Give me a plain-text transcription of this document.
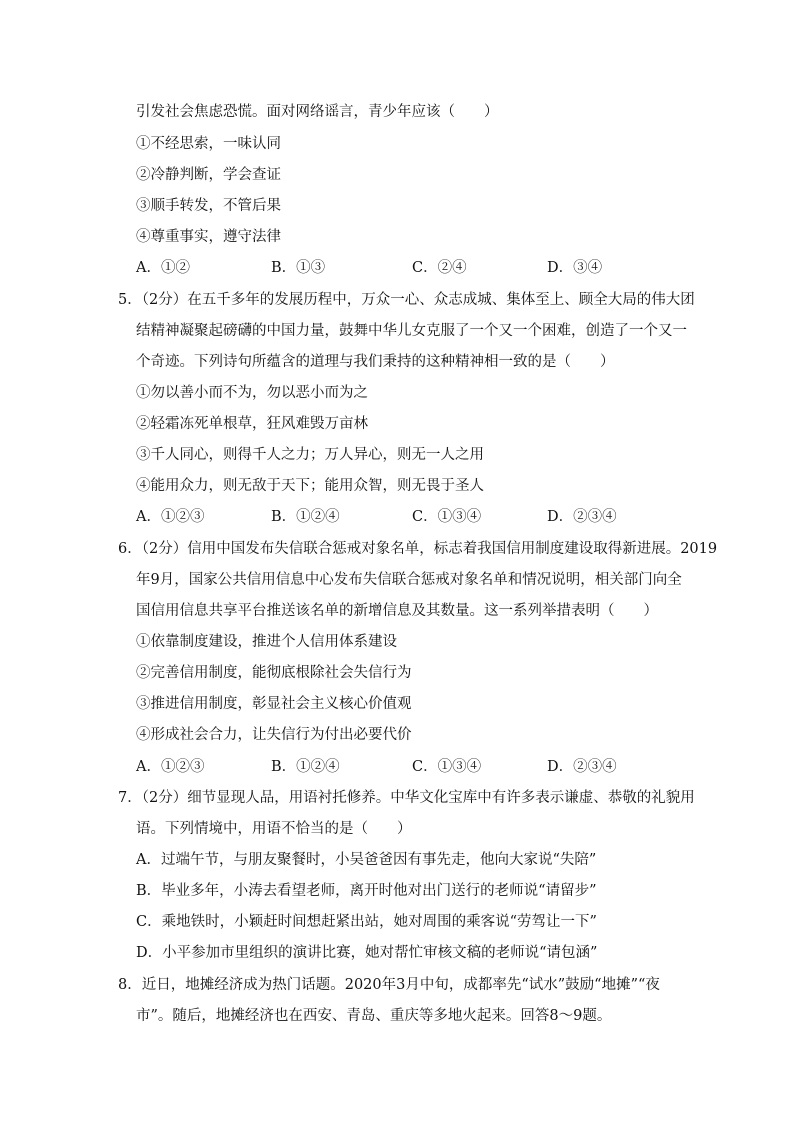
引发社会焦虑恐慌。面对网络谣言，青少年应该（　　）
①不经思索，一味认同
②冷静判断，学会查证
③顺手转发，不管后果
④尊重事实，遵守法律
A．①②	B．①③	C．②④	D．③④
5．（2分）在五千多年的发展历程中，万众一心、众志成城、集体至上、顾全大局的伟大团
结精神凝聚起磅礴的中国力量，鼓舞中华儿女克服了一个又一个困难，创造了一个又一
个奇迹。下列诗句所蕴含的道理与我们秉持的这种精神相一致的是（　　）
①勿以善小而不为，勿以恶小而为之
②轻霜冻死单根草，狂风难毁万亩林
③千人同心，则得千人之力；万人异心，则无一人之用
④能用众力，则无敌于天下；能用众智，则无畏于圣人
A．①②③	B．①②④	C．①③④	D．②③④
6．（2分）信用中国发布失信联合惩戒对象名单，标志着我国信用制度建设取得新进展。2019
年9月，国家公共信用信息中心发布失信联合惩戒对象名单和情况说明，相关部门向全
国信用信息共享平台推送该名单的新增信息及其数量。这一系列举措表明（　　）
①依靠制度建设，推进个人信用体系建设
②完善信用制度，能彻底根除社会失信行为
③推进信用制度，彰显社会主义核心价值观
④形成社会合力，让失信行为付出必要代价
A．①②③	B．①②④	C．①③④	D．②③④
7．（2分）细节显现人品，用语衬托修养。中华文化宝库中有许多表示谦虚、恭敬的礼貌用
语。下列情境中，用语不恰当的是（　　）
A．过端午节，与朋友聚餐时，小吴爸爸因有事先走，他向大家说“失陪”
B．毕业多年，小涛去看望老师，离开时他对出门送行的老师说“请留步”
C．乘地铁时，小颖赶时间想赶紧出站，她对周围的乘客说“劳驾让一下”
D．小平参加市里组织的演讲比赛，她对帮忙审核文稿的老师说“请包涵”
8．近日，地摊经济成为热门话题。2020年3月中旬，成都率先“试水”鼓励“地摊”“夜
市”。随后，地摊经济也在西安、青岛、重庆等多地火起来。回答8～9题。
